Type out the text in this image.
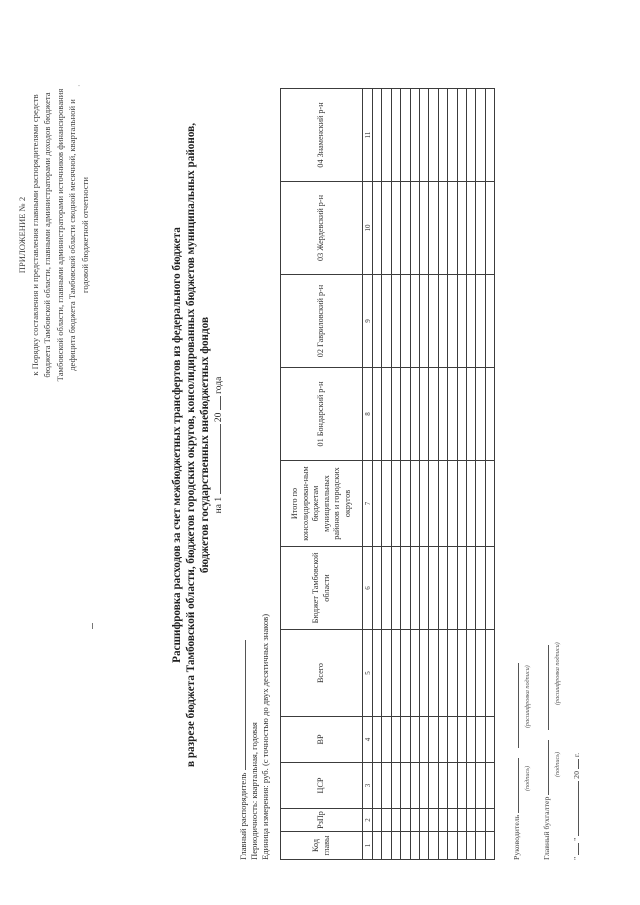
ПРИЛОЖЕНИЕ № 2 к Порядку составления и представления главными распорядителями средств бюджета Тамбовской области, главными администраторами доходов бюджета Тамбовской области, главными администраторами источников финансирования дефицита бюджета Тамбовской области сводной месячной, квартальной и годовой бюджетной отчетности	Расшифровка расходов за счет межбюджетных трансфертов из федерального бюджета в разрезе бюджета Тамбовской области, бюджетов городских округов, консолидированных бюджетов муниципальных районов, бюджетов государственных внебюджетных фондов на 1  20  года
Главный распорядитель Периодичность: квартальная, годовая Единица измерения: руб. (с точностью до двух десятичных знаков)	Код главы	РзПр	ЦСР	ВР	Всего	Бюджет Тамбовской области	Итого по консолидирован-ным бюджетам муниципальных районов и городских округов	01 Бондарский р-н	02 Гавриловский р-н	03 Жердевский р-н	04 Знаменский р-н
1	2	3	4	5	6	7	8	9	10	11

·
Руководитель
(подпись)
(расшифровка подписи)
Главный бухгалтер
(подпись)
(расшифровка подписи)
"  "  20  г.
